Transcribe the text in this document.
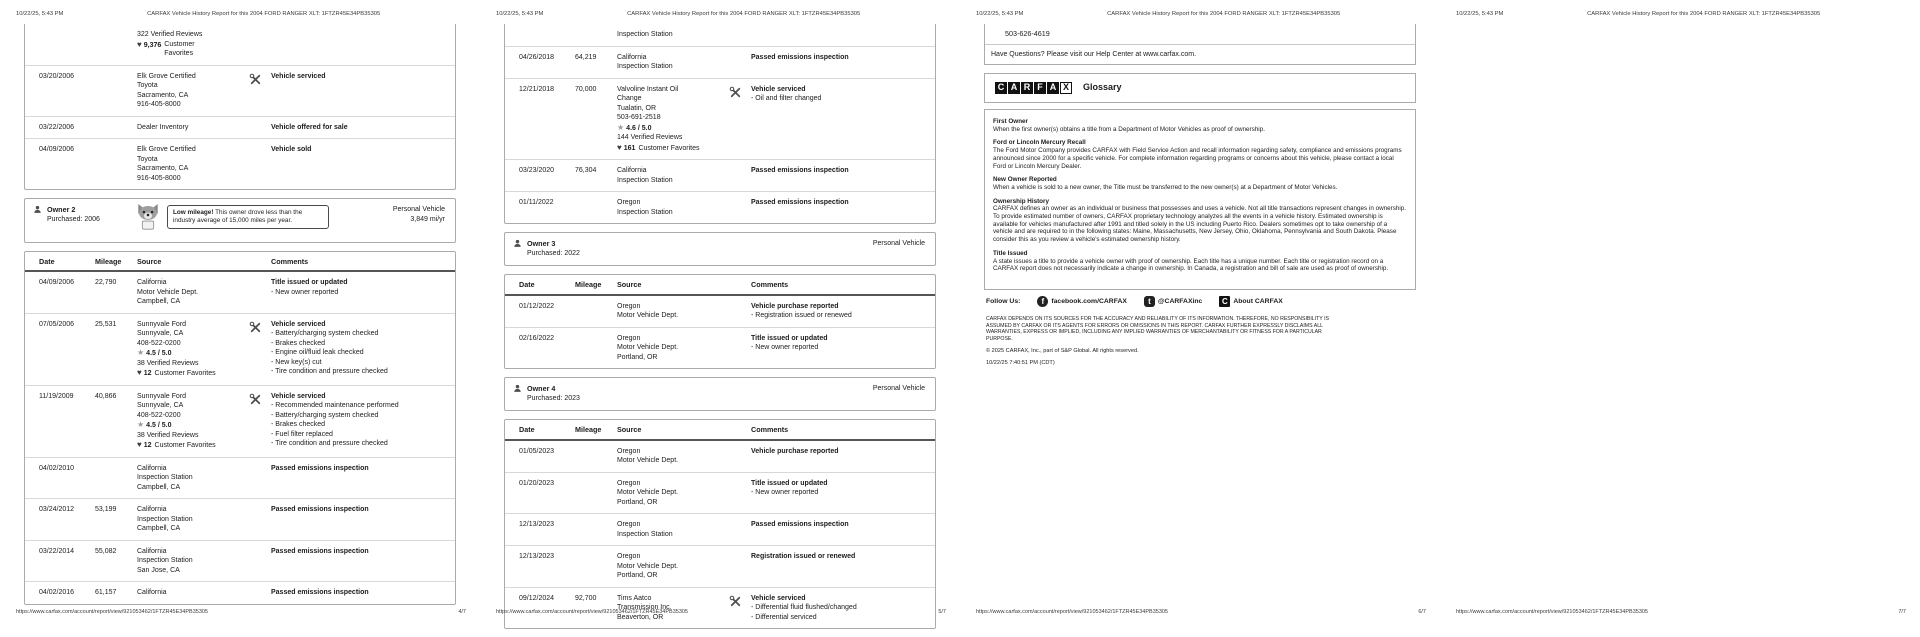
10/22/25, 5:43 PM	CARFAX Vehicle History Report for this 2004 FORD RANGER XLT: 1FTZR45E34PB35305
322 Verified Reviews
♥ 9,376 Customer Favorites
03/20/2006	Elk Grove Certified
Toyota
Sacramento, CA
916-405-8000
Vehicle serviced
03/22/2006	Dealer Inventory	Vehicle offered for sale
04/09/2006	Elk Grove Certified
Toyota
Sacramento, CA
916-405-8000
Vehicle sold
Owner 2
Purchased: 2006
Low mileage! This owner drove less than the industry average of 15,000 miles per year.
Personal Vehicle
3,849 mi/yr
Date	Mileage	Source	Comments
04/09/2006	22,790	California
Motor Vehicle Dept.
Campbell, CA
Title issued or updated
- New owner reported
07/05/2006	25,531	Sunnyvale Ford
Sunnyvale, CA
408-522-0200
★ 4.5 / 5.0
38 Verified Reviews
♥ 12 Customer Favorites
Vehicle serviced
- Battery/charging system checked
- Brakes checked
- Engine oil/fluid leak checked
- New key(s) cut
- Tire condition and pressure checked
11/19/2009	40,866	Sunnyvale Ford
Sunnyvale, CA
408-522-0200
★ 4.5 / 5.0
38 Verified Reviews
♥ 12 Customer Favorites
Vehicle serviced
- Recommended maintenance performed
- Battery/charging system checked
- Brakes checked
- Fuel filter replaced
- Tire condition and pressure checked
04/02/2010	California
Inspection Station
Campbell, CA
Passed emissions inspection
03/24/2012	53,199	California
Inspection Station
Campbell, CA
Passed emissions inspection
03/22/2014	55,082	California
Inspection Station
San Jose, CA
Passed emissions inspection
04/02/2016	61,157	California	Passed emissions inspection
https://www.carfax.com/account/report/view/921053462/1FTZR45E34PB35305	4/7
10/22/25, 5:43 PM	CARFAX Vehicle History Report for this 2004 FORD RANGER XLT: 1FTZR45E34PB35305
Inspection Station
04/26/2018	64,219	California
Inspection Station
Passed emissions inspection
12/21/2018	70,000	Valvoline Instant Oil
Change
Tualatin, OR
503-691-2518
★ 4.6 / 5.0
144 Verified Reviews
♥ 161 Customer Favorites
Vehicle serviced
- Oil and filter changed
03/23/2020	76,304	California
Inspection Station
Passed emissions inspection
01/11/2022	Oregon
Inspection Station
Passed emissions inspection
Owner 3
Purchased: 2022
Personal Vehicle
Date	Mileage	Source	Comments
01/12/2022	Oregon
Motor Vehicle Dept.
Vehicle purchase reported
- Registration issued or renewed
02/16/2022	Oregon
Motor Vehicle Dept.
Portland, OR
Title issued or updated
- New owner reported
Owner 4
Purchased: 2023
Personal Vehicle
Date	Mileage	Source	Comments
01/05/2023	Oregon
Motor Vehicle Dept.
Vehicle purchase reported
01/20/2023	Oregon
Motor Vehicle Dept.
Portland, OR
Title issued or updated
- New owner reported
12/13/2023	Oregon
Inspection Station
Passed emissions inspection
12/13/2023	Oregon
Motor Vehicle Dept.
Portland, OR
Registration issued or renewed
09/12/2024	92,700	Tims Aatco
Transmission Inc.
Beaverton, OR
Vehicle serviced
- Differential fluid flushed/changed
- Differential serviced
https://www.carfax.com/account/report/view/921053462/1FTZR45E34PB35305	5/7
10/22/25, 5:43 PM	CARFAX Vehicle History Report for this 2004 FORD RANGER XLT: 1FTZR45E34PB35305
503-626-4619
Have Questions? Please visit our Help Center at www.carfax.com.
C A R F A X	Glossary
First Owner
When the first owner(s) obtains a title from a Department of Motor Vehicles as proof of ownership.
Ford or Lincoln Mercury Recall
The Ford Motor Company provides CARFAX with Field Service Action and recall information regarding safety, compliance and emissions programs announced since 2000 for a specific vehicle. For complete information regarding programs or concerns about this vehicle, please contact a local Ford or Lincoln Mercury Dealer.
New Owner Reported
When a vehicle is sold to a new owner, the Title must be transferred to the new owner(s) at a Department of Motor Vehicles.
Ownership History
CARFAX defines an owner as an individual or business that possesses and uses a vehicle. Not all title transactions represent changes in ownership. To provide estimated number of owners, CARFAX proprietary technology analyzes all the events in a vehicle history. Estimated ownership is available for vehicles manufactured after 1991 and titled solely in the US including Puerto Rico. Dealers sometimes opt to take ownership of a vehicle and are required to in the following states: Maine, Massachusetts, New Jersey, Ohio, Oklahoma, Pennsylvania and South Dakota. Please consider this as you review a vehicle's estimated ownership history.
Title Issued
A state issues a title to provide a vehicle owner with proof of ownership. Each title has a unique number. Each title or registration record on a CARFAX report does not necessarily indicate a change in ownership. In Canada, a registration and bill of sale are used as proof of ownership.
Follow Us:	f	facebook.com/CARFAX	t	@CARFAXinc	C About CARFAX
CARFAX DEPENDS ON ITS SOURCES FOR THE ACCURACY AND RELIABILITY OF ITS INFORMATION. THEREFORE, NO RESPONSIBILITY IS ASSUMED BY CARFAX OR ITS AGENTS FOR ERRORS OR OMISSIONS IN THIS REPORT. CARFAX FURTHER EXPRESSLY DISCLAIMS ALL WARRANTIES, EXPRESS OR IMPLIED, INCLUDING ANY IMPLIED WARRANTIES OF MERCHANTABILITY OR FITNESS FOR A PARTICULAR PURPOSE.
© 2025 CARFAX, Inc., part of S&P Global. All rights reserved.
10/22/25 7:40:51 PM (CDT)
https://www.carfax.com/account/report/view/921053462/1FTZR45E34PB35305	6/7
10/22/25, 5:43 PM	CARFAX Vehicle History Report for this 2004 FORD RANGER XLT: 1FTZR45E34PB35305
https://www.carfax.com/account/report/view/921053462/1FTZR45E34PB35305	7/7
